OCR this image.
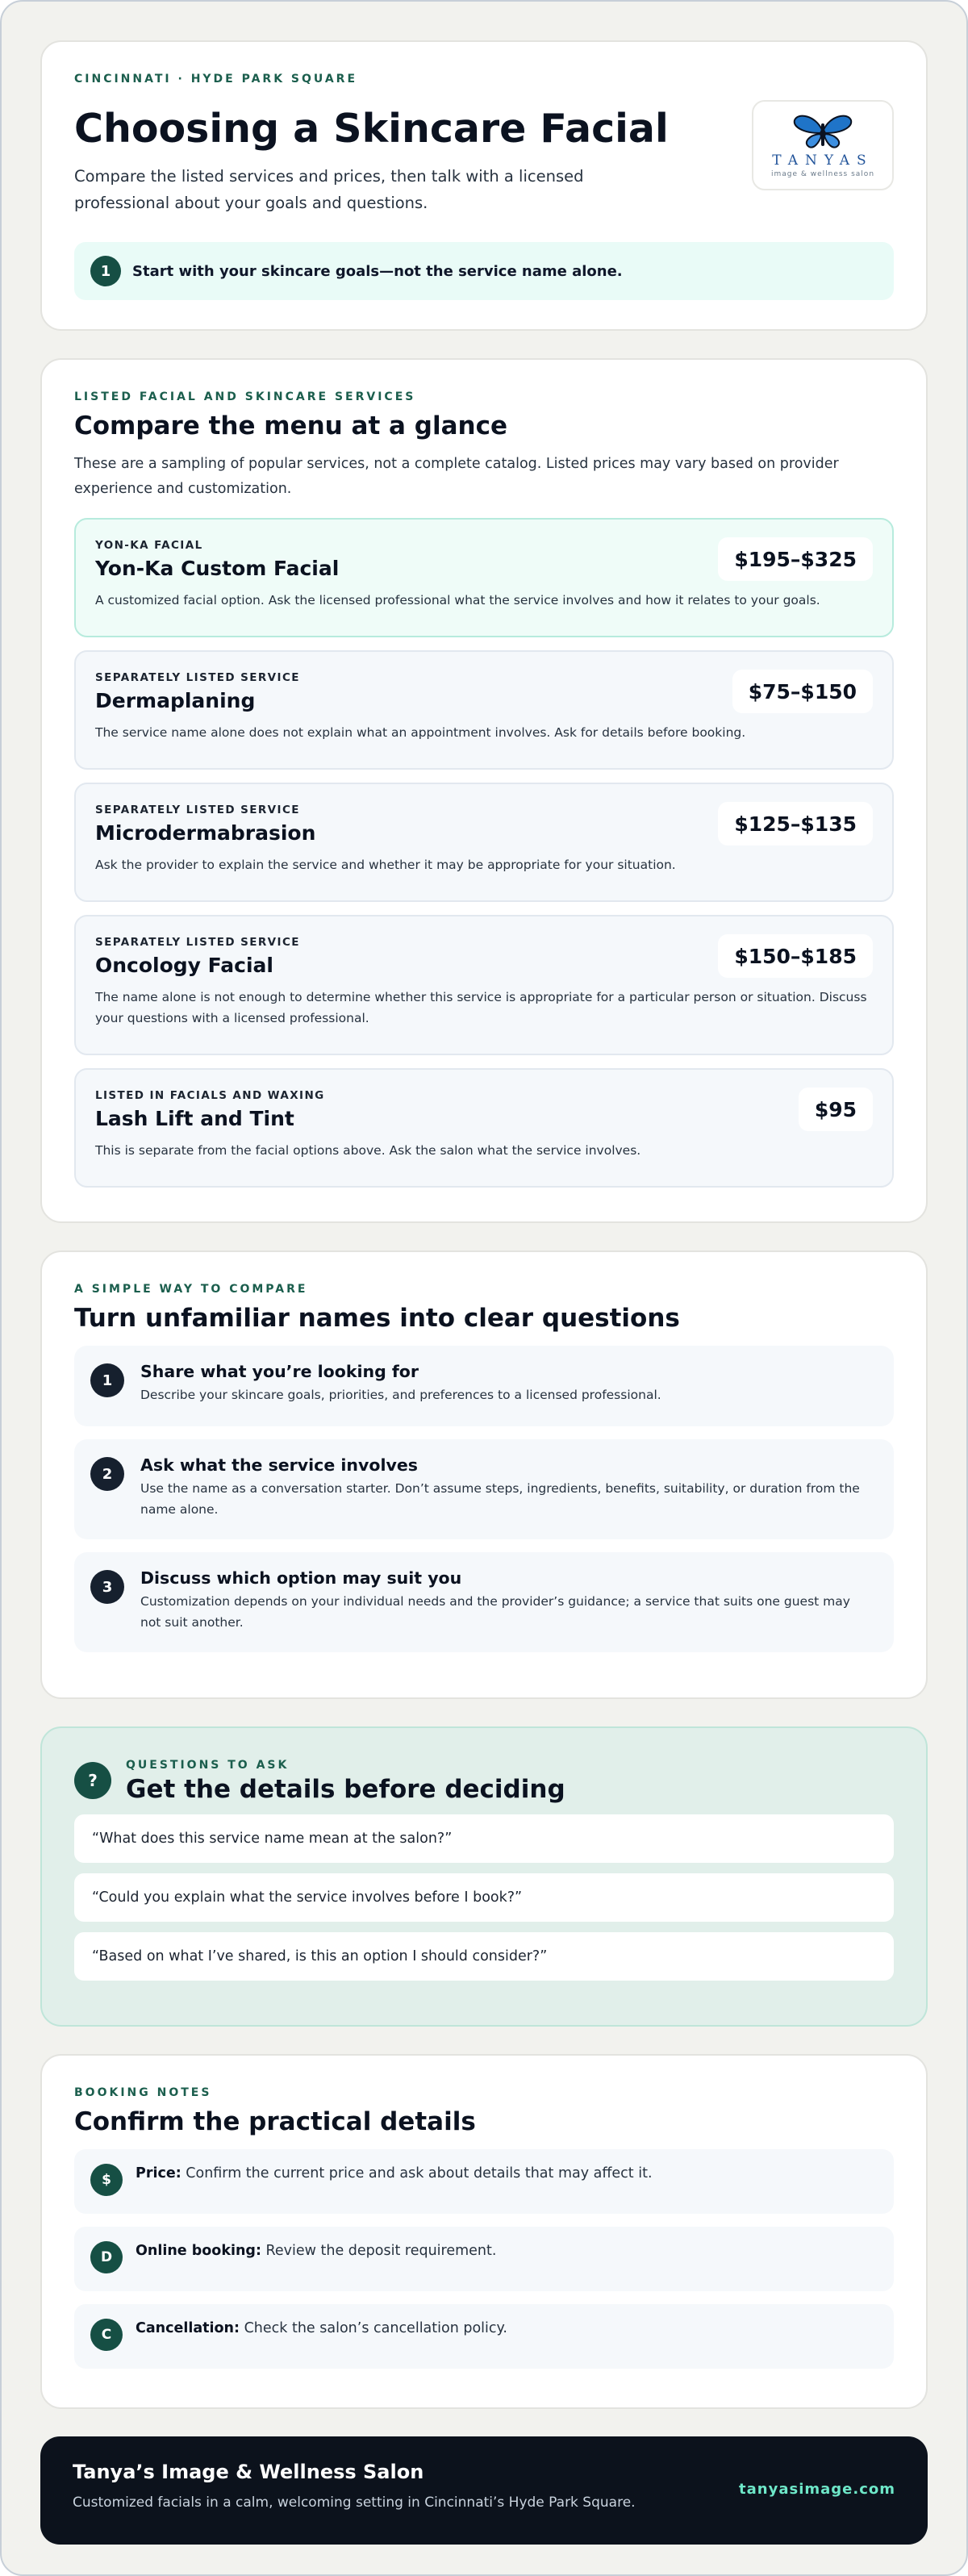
CINCINNATI · HYDE PARK SQUARE
Choosing a Skincare Facial

Compare the listed services and prices, then talk with a licensed professional about your goals and questions.

TANYAS
image & wellness salon
1	Start with your skincare goals—not the service name alone.
LISTED FACIAL AND SKINCARE SERVICES
Compare the menu at a glance

These are a sampling of popular services, not a complete catalog. Listed prices may vary based on provider experience and customization.

YON-KA FACIAL
Yon-Ka Custom Facial
A customized facial option. Ask the licensed professional what the service involves and how it relates to your goals.
$195–$325
SEPARATELY LISTED SERVICE
Dermaplaning
The service name alone does not explain what an appointment involves. Ask for details before booking.
$75–$150
SEPARATELY LISTED SERVICE
Microdermabrasion
Ask the provider to explain the service and whether it may be appropriate for your situation.
$125–$135
SEPARATELY LISTED SERVICE
Oncology Facial
The name alone is not enough to determine whether this service is appropriate for a particular person or situation. Discuss your questions with a licensed professional.
$150–$185
LISTED IN FACIALS AND WAXING
Lash Lift and Tint
This is separate from the facial options above. Ask the salon what the service involves.
$95
A SIMPLE WAY TO COMPARE
Turn unfamiliar names into clear questions
1	Share what you’re looking for
Describe your skincare goals, priorities, and preferences to a licensed professional.
2	Ask what the service involves
Use the name as a conversation starter. Don’t assume steps, ingredients, benefits, suitability, or duration from the name alone.
3	Discuss which option may suit you
Customization depends on your individual needs and the provider’s guidance; a service that suits one guest may not suit another.
?
QUESTIONS TO ASK
Get the details before deciding
“What does this service name mean at the salon?”
“Could you explain what the service involves before I book?”
“Based on what I’ve shared, is this an option I should consider?”
BOOKING NOTES
Confirm the practical details
$	Price: Confirm the current price and ask about details that may affect it.
D	Online booking: Review the deposit requirement.
C	Cancellation: Check the salon’s cancellation policy.
Tanya’s Image & Wellness Salon
Customized facials in a calm, welcoming setting in Cincinnati’s Hyde Park Square.
tanyasimage.com
